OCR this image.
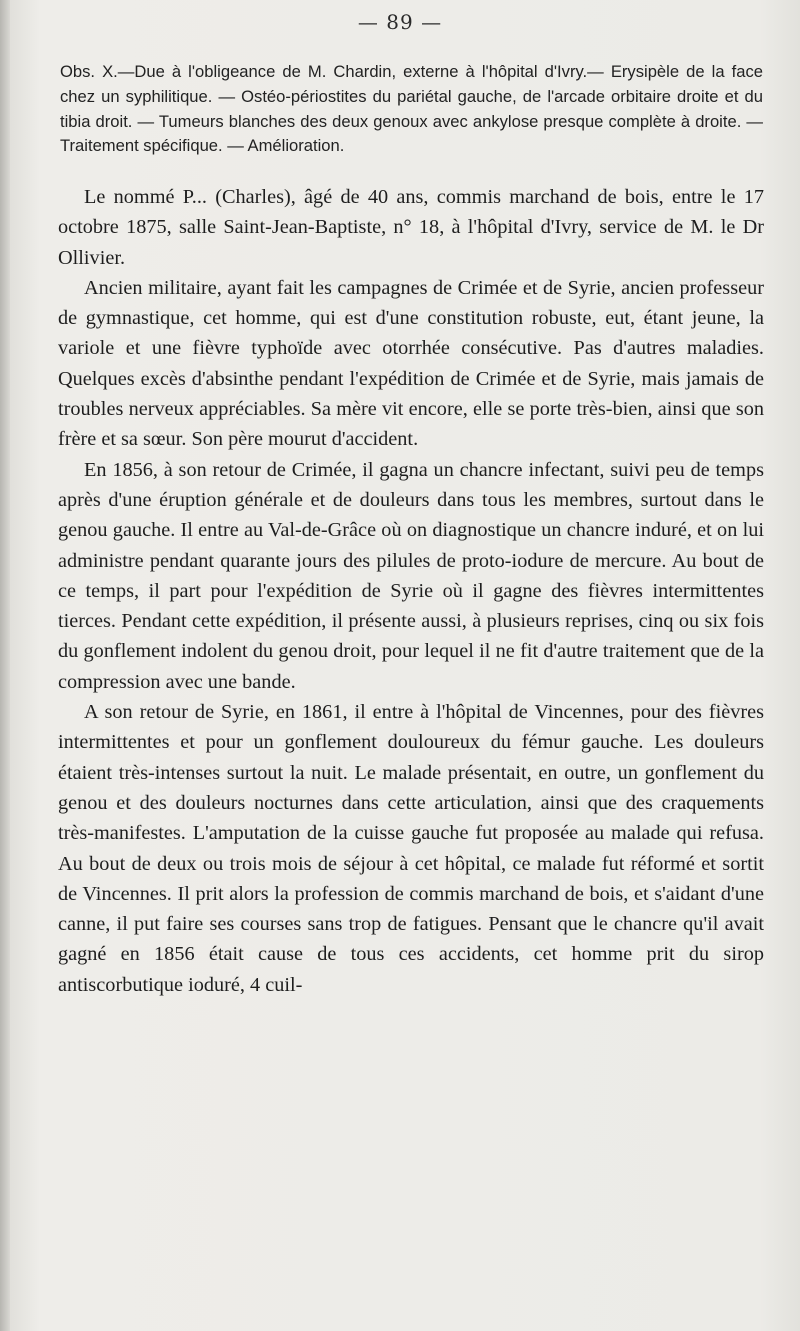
— 89 —
Obs. X.—Due à l'obligeance de M. Chardin, externe à l'hôpital d'Ivry.— Erysipèle de la face chez un syphilitique. — Ostéo-périostites du pariétal gauche, de l'arcade orbitaire droite et du tibia droit. — Tumeurs blanches des deux genoux avec ankylose presque complète à droite. — Traitement spécifique. — Amélioration.

Le nommé P... (Charles), âgé de 40 ans, commis marchand de bois, entre le 17 octobre 1875, salle Saint-Jean-Baptiste, n° 18, à l'hôpital d'Ivry, service de M. le Dr Ollivier.

Ancien militaire, ayant fait les campagnes de Crimée et de Syrie, ancien professeur de gymnastique, cet homme, qui est d'une constitution robuste, eut, étant jeune, la variole et une fièvre typhoïde avec otorrhée consécutive. Pas d'autres maladies. Quelques excès d'absinthe pendant l'expédition de Crimée et de Syrie, mais jamais de troubles nerveux appréciables. Sa mère vit encore, elle se porte très-bien, ainsi que son frère et sa sœur. Son père mourut d'accident.

En 1856, à son retour de Crimée, il gagna un chancre infectant, suivi peu de temps après d'une éruption générale et de douleurs dans tous les membres, surtout dans le genou gauche. Il entre au Val-de-Grâce où on diagnostique un chancre induré, et on lui administre pendant quarante jours des pilules de proto-iodure de mercure. Au bout de ce temps, il part pour l'expédition de Syrie où il gagne des fièvres intermittentes tierces. Pendant cette expédition, il présente aussi, à plusieurs reprises, cinq ou six fois du gonflement indolent du genou droit, pour lequel il ne fit d'autre traitement que de la compression avec une bande.

A son retour de Syrie, en 1861, il entre à l'hôpital de Vincennes, pour des fièvres intermittentes et pour un gonflement douloureux du fémur gauche. Les douleurs étaient très-intenses surtout la nuit. Le malade présentait, en outre, un gonflement du genou et des douleurs nocturnes dans cette articulation, ainsi que des craquements très-manifestes. L'amputation de la cuisse gauche fut proposée au malade qui refusa. Au bout de deux ou trois mois de séjour à cet hôpital, ce malade fut réformé et sortit de Vincennes. Il prit alors la profession de commis marchand de bois, et s'aidant d'une canne, il put faire ses courses sans trop de fatigues. Pensant que le chancre qu'il avait gagné en 1856 était cause de tous ces accidents, cet homme prit du sirop antiscorbutique ioduré, 4 cuil-
